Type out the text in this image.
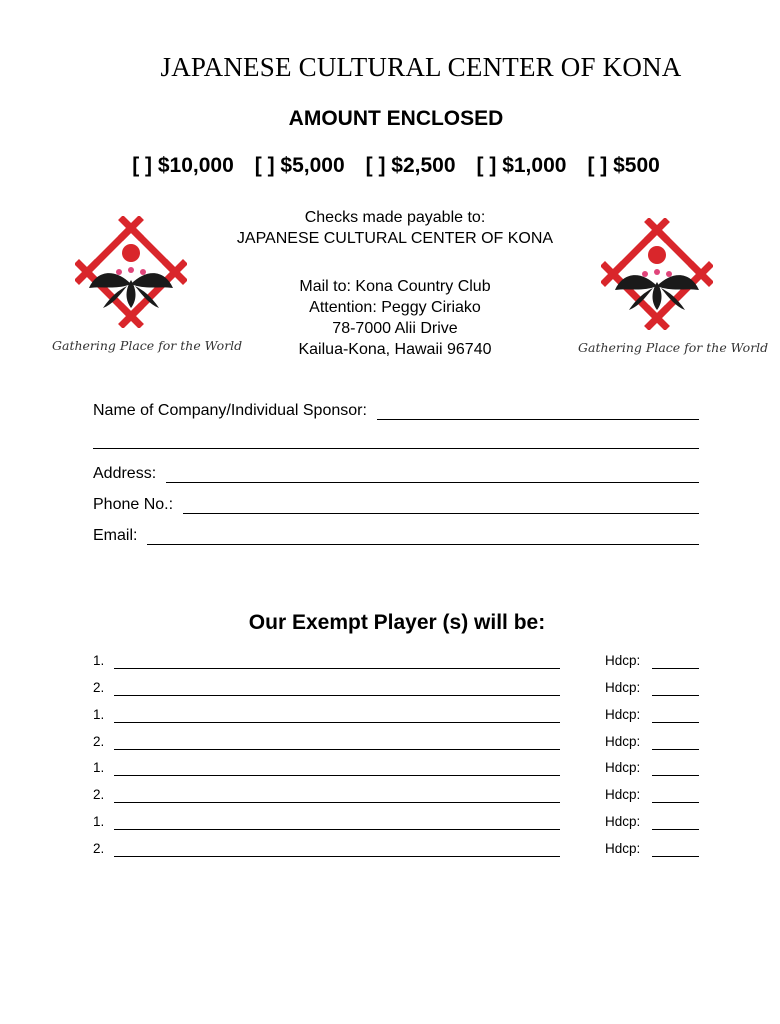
JAPANESE CULTURAL CENTER OF KONA
AMOUNT ENCLOSED
[ ] $10,000 [ ] $5,000 [ ] $2,500 [ ] $1,000 [ ] $500
Checks made payable to:
JAPANESE CULTURAL CENTER OF KONA
Mail to: Kona Country Club
Attention: Peggy Ciriako
78-7000 Alii Drive
Kailua-Kona, Hawaii 96740
Gathering Place for the World	Gathering Place for the World
Name of Company/Individual Sponsor:
Address:
Phone No.:
Email:
Our Exempt Player (s) will be:
1.	Hdcp:
2.	Hdcp:
1.	Hdcp:
2.	Hdcp:
1.	Hdcp:
2.	Hdcp:
1.	Hdcp:
2.	Hdcp:
